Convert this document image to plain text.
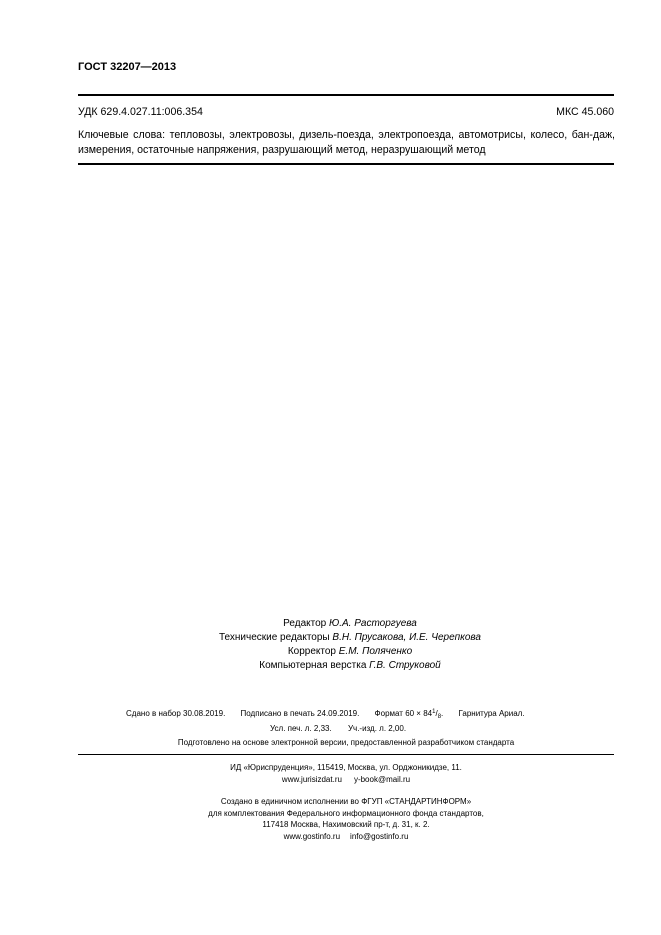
ГОСТ 32207—2013
УДК 629.4.027.11:006.354	МКС 45.060
Ключевые слова: тепловозы, электровозы, дизель-поезда, электропоезда, автомотрисы, колесо, бан-даж, измерения, остаточные напряжения, разрушающий метод, неразрушающий метод
Редактор Ю.А. Расторгуева
Технические редакторы В.Н. Прусакова, И.Е. Черепкова
Корректор Е.М. Поляченко
Компьютерная верстка Г.В. Струковой
Сдано в набор 30.08.2019. Подписано в печать 24.09.2019. Формат $60 \times 84^1/_8$. Гарнитура Ариал.
Усл. печ. л. 2,33. Уч.-изд. л. 2,00.
Подготовлено на основе электронной версии, предоставленной разработчиком стандарта
ИД «Юриспруденция», 115419, Москва, ул. Орджоникидзе, 11.
www.jurisizdat.ru y-book@mail.ru
Создано в единичном исполнении во ФГУП «СТАНДАРТИНФОРМ»
для комплектования Федерального информационного фонда стандартов,
117418 Москва, Нахимовский пр-т, д. 31, к. 2.
www.gostinfo.ru info@gostinfo.ru
